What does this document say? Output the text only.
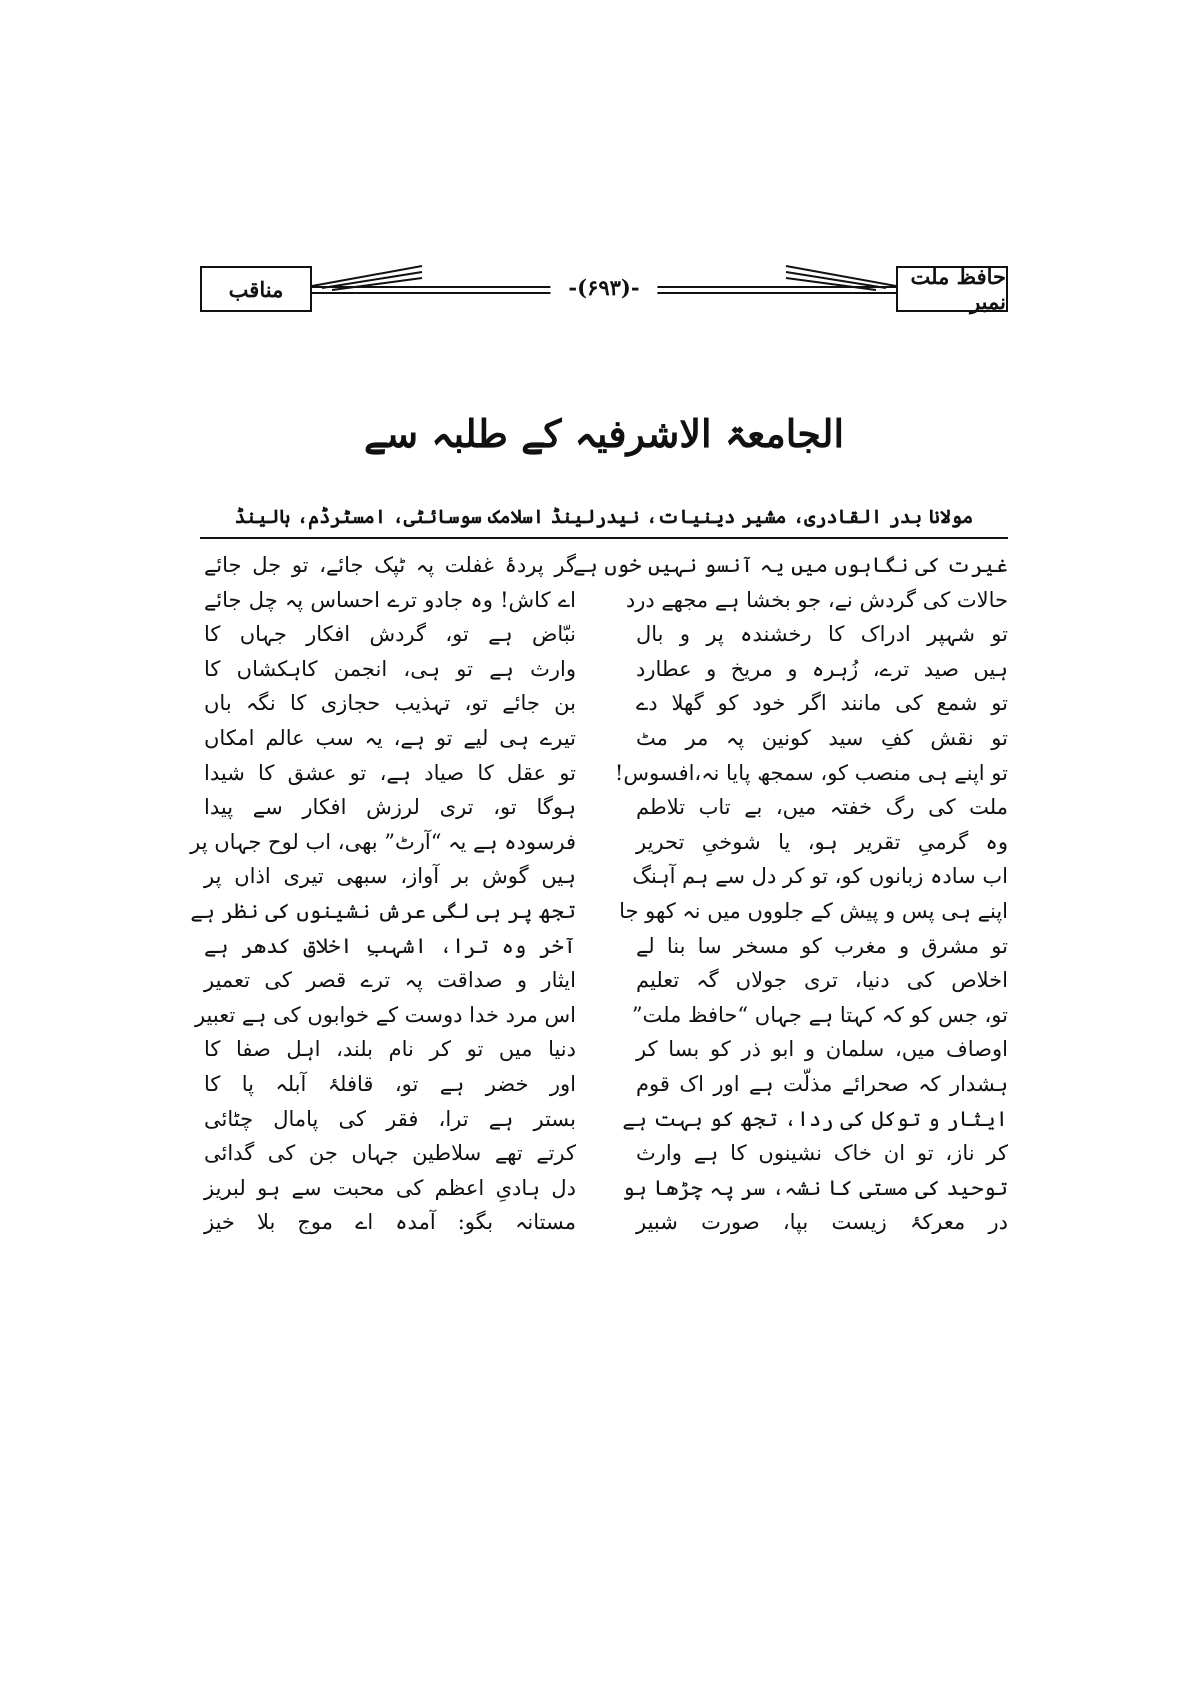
حافظ ملت نمبر
-(۶۹۳)-
مناقب
الجامعۃ الاشرفیہ کے طلبہ سے
مولانا بدر القادری، مشیر دینیات، نیدرلینڈ اسلامک سوسائٹی، امسٹرڈم، ہالینڈ
غیرت کی نگاہوں میں یہ آنسو نہیں خوں ہے
حالات کی گردش نے، جو بخشا ہے مجھے درد
تو شہپر ادراک کا رخشندہ پر و بال
ہیں صید ترے، زُہرہ و مریخ و عطارد
تو شمع کی مانند اگر خود کو گھلا دے
تو نقش کفِ سید کونین پہ مر مٹ
تو اپنے ہی منصب کو، سمجھ پایا نہ،افسوس!
ملت کی رگ خفتہ میں، بے تاب تلاطم
وہ گرمیِ تقریر ہو، یا شوخیِ تحریر
اب سادہ زبانوں کو، تو کر دل سے ہم آہنگ
اپنے ہی پس و پیش کے جلووں میں نہ کھو جا
تو مشرق و مغرب کو مسخر سا بنا لے
اخلاص کی دنیا، تری جولاں گہ تعلیم
تو، جس کو کہ کہتا ہے جہاں “حافظ ملت”
اوصاف میں، سلمان و ابو ذر کو بسا کر
ہشدار کہ صحرائے مذلّت ہے اور اک قوم
ایثار و توکل کی ردا، تجھ کو بہت ہے
کر ناز، تو ان خاک نشینوں کا ہے وارث
توحید کی مستی کا نشہ، سر پہ چڑھا ہو
در معرکۂ زیست بپا، صورت شبیر
گر پردۂ غفلت پہ ٹپک جائے، تو جل جائے
اے کاش! وہ جادو ترے احساس پہ چل جائے
نبّاض ہے تو، گردش افکار جہاں کا
وارث ہے تو ہی، انجمن کاہکشاں کا
بن جائے تو، تہذیب حجازی کا نگہ باں
تیرے ہی لیے تو ہے، یہ سب عالم امکاں
تو عقل کا صیاد ہے، تو عشق کا شیدا
ہوگا تو، تری لرزش افکار سے پیدا
فرسودہ ہے یہ “آرٹ” بھی، اب لوح جہاں پر
ہیں گوش بر آواز، سبھی تیری اذاں پر
تجھ پر ہی لگی عرش نشینوں کی نظر ہے
آخر وہ ترا، اشہبِ اخلاق کدھر ہے
ایثار و صداقت پہ ترے قصر کی تعمیر
اس مرد خدا دوست کے خوابوں کی ہے تعبیر
دنیا میں تو کر نام بلند، اہل صفا کا
اور خضر ہے تو، قافلۂ آبلہ پا کا
بستر ہے ترا، فقر کی پامال چٹائی
کرتے تھے سلاطین جہاں جن کی گدائی
دل ہادیِ اعظم کی محبت سے ہو لبریز
مستانہ بگو: آمدہ اے موج بلا خیز
